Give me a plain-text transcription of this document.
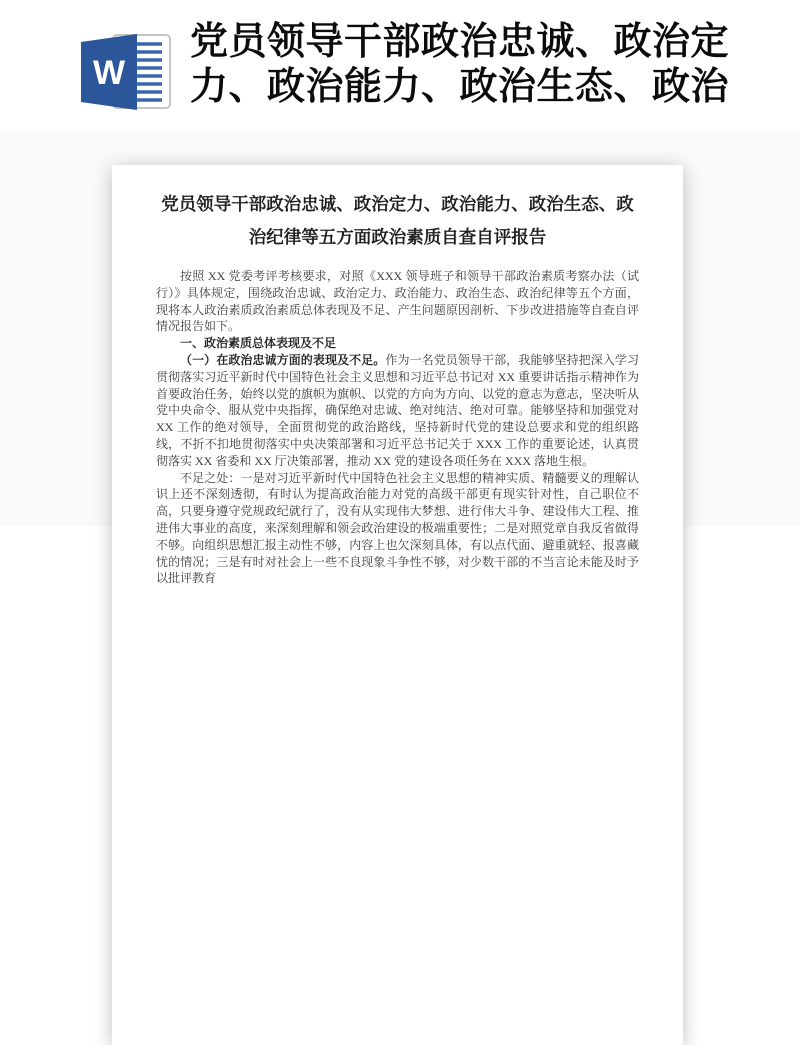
W
党员领导干部政治忠诚、政治定力、政治能力、政治生态、政治
党员领导干部政治忠诚、政治定力、政治能力、政治生态、政治纪律等五方面政治素质自查自评报告

按照 XX 党委考评考核要求，对照《XXX 领导班子和领导干部政治素质考察办法（试行）》具体规定，围绕政治忠诚、政治定力、政治能力、政治生态、政治纪律等五个方面，现将本人政治素质政治素质总体表现及不足、产生问题原因剖析、下步改进措施等自查自评情况报告如下。

一、政治素质总体表现及不足

（一）在政治忠诚方面的表现及不足。作为一名党员领导干部，我能够坚持把深入学习贯彻落实习近平新时代中国特色社会主义思想和习近平总书记对 XX 重要讲话指示精神作为首要政治任务，始终以党的旗帜为旗帜、以党的方向为方向、以党的意志为意志，坚决听从党中央命令、服从党中央指挥，确保绝对忠诚、绝对纯洁、绝对可靠。能够坚持和加强党对 XX 工作的绝对领导，全面贯彻党的政治路线，坚持新时代党的建设总要求和党的组织路线，不折不扣地贯彻落实中央决策部署和习近平总书记关于 XXX 工作的重要论述，认真贯彻落实 XX 省委和 XX 厅决策部署，推动 XX 党的建设各项任务在 XXX 落地生根。

不足之处：一是对习近平新时代中国特色社会主义思想的精神实质、精髓要义的理解认识上还不深刻透彻，有时认为提高政治能力对党的高级干部更有现实针对性，自己职位不高，只要身遵守党规政纪就行了，没有从实现伟大梦想、进行伟大斗争、建设伟大工程、推进伟大事业的高度，来深刻理解和领会政治建设的极端重要性；二是对照党章自我反省做得不够。向组织思想汇报主动性不够，内容上也欠深刻具体，有以点代面、避重就轻、报喜藏忧的情况；三是有时对社会上一些不良现象斗争性不够，对少数干部的不当言论未能及时予以批评教育
